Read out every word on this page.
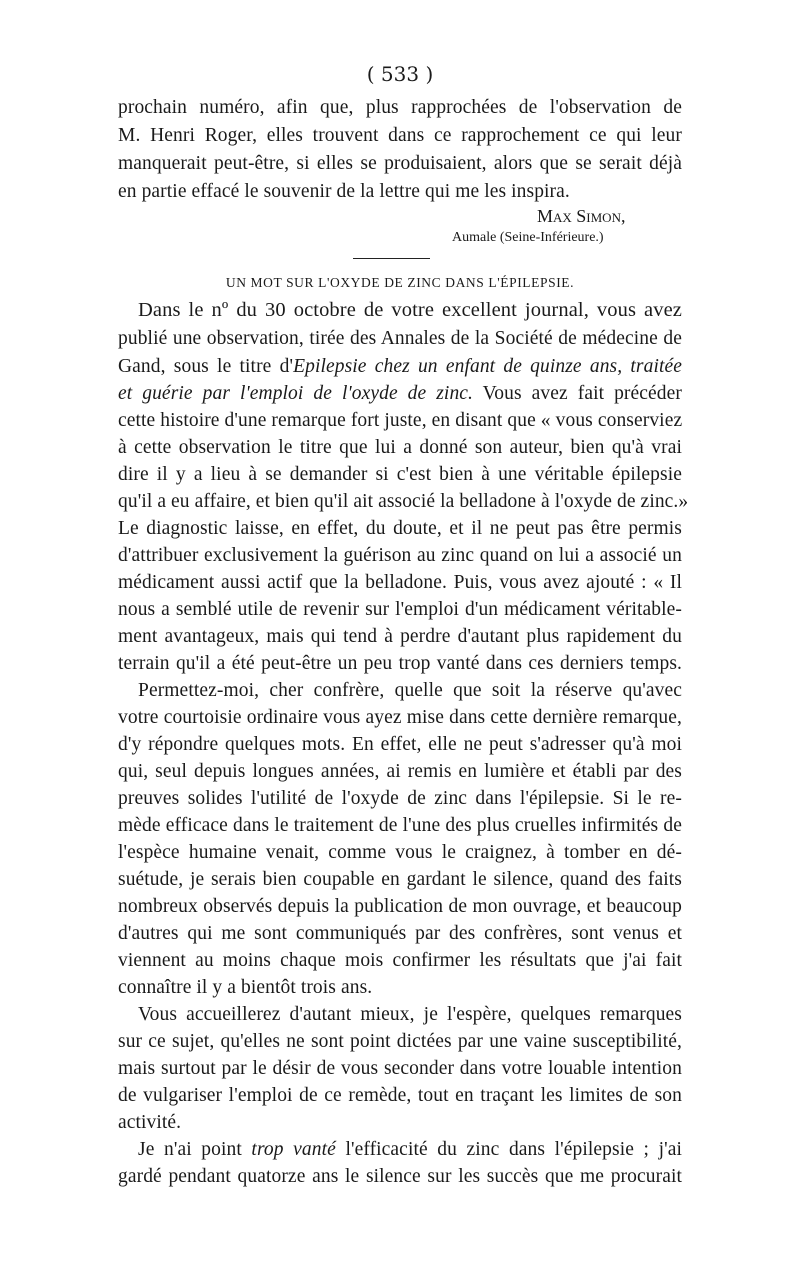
( 533 )
prochain numéro, afin que, plus rapprochées de l'observation de
M. Henri Roger, elles trouvent dans ce rapprochement ce qui leur
manquerait peut-être, si elles se produisaient, alors que se serait déjà
en partie effacé le souvenir de la lettre qui me les inspira.
Max Simon,
Aumale (Seine-Inférieure.)
UN MOT SUR L'OXYDE DE ZINC DANS L'ÉPILEPSIE.
Dans le nº du 30 octobre de votre excellent journal, vous avez
publié une observation, tirée des Annales de la Société de médecine de
Gand, sous le titre d'Epilepsie chez un enfant de quinze ans, traitée
et guérie par l'emploi de l'oxyde de zinc. Vous avez fait précéder
cette histoire d'une remarque fort juste, en disant que « vous conserviez
à cette observation le titre que lui a donné son auteur, bien qu'à vrai
dire il y a lieu à se demander si c'est bien à une véritable épilepsie
qu'il a eu affaire, et bien qu'il ait associé la belladone à l'oxyde de zinc.»
Le diagnostic laisse, en effet, du doute, et il ne peut pas être permis
d'attribuer exclusivement la guérison au zinc quand on lui a associé un
médicament aussi actif que la belladone. Puis, vous avez ajouté : « Il
nous a semblé utile de revenir sur l'emploi d'un médicament véritable-
ment avantageux, mais qui tend à perdre d'autant plus rapidement du
terrain qu'il a été peut-être un peu trop vanté dans ces derniers temps.
Permettez-moi, cher confrère, quelle que soit la réserve qu'avec
votre courtoisie ordinaire vous ayez mise dans cette dernière remarque,
d'y répondre quelques mots. En effet, elle ne peut s'adresser qu'à moi
qui, seul depuis longues années, ai remis en lumière et établi par des
preuves solides l'utilité de l'oxyde de zinc dans l'épilepsie. Si le re-
mède efficace dans le traitement de l'une des plus cruelles infirmités de
l'espèce humaine venait, comme vous le craignez, à tomber en dé-
suétude, je serais bien coupable en gardant le silence, quand des faits
nombreux observés depuis la publication de mon ouvrage, et beaucoup
d'autres qui me sont communiqués par des confrères, sont venus et
viennent au moins chaque mois confirmer les résultats que j'ai fait
connaître il y a bientôt trois ans.
Vous accueillerez d'autant mieux, je l'espère, quelques remarques
sur ce sujet, qu'elles ne sont point dictées par une vaine susceptibilité,
mais surtout par le désir de vous seconder dans votre louable intention
de vulgariser l'emploi de ce remède, tout en traçant les limites de son
activité.
Je n'ai point trop vanté l'efficacité du zinc dans l'épilepsie ; j'ai
gardé pendant quatorze ans le silence sur les succès que me procurait
